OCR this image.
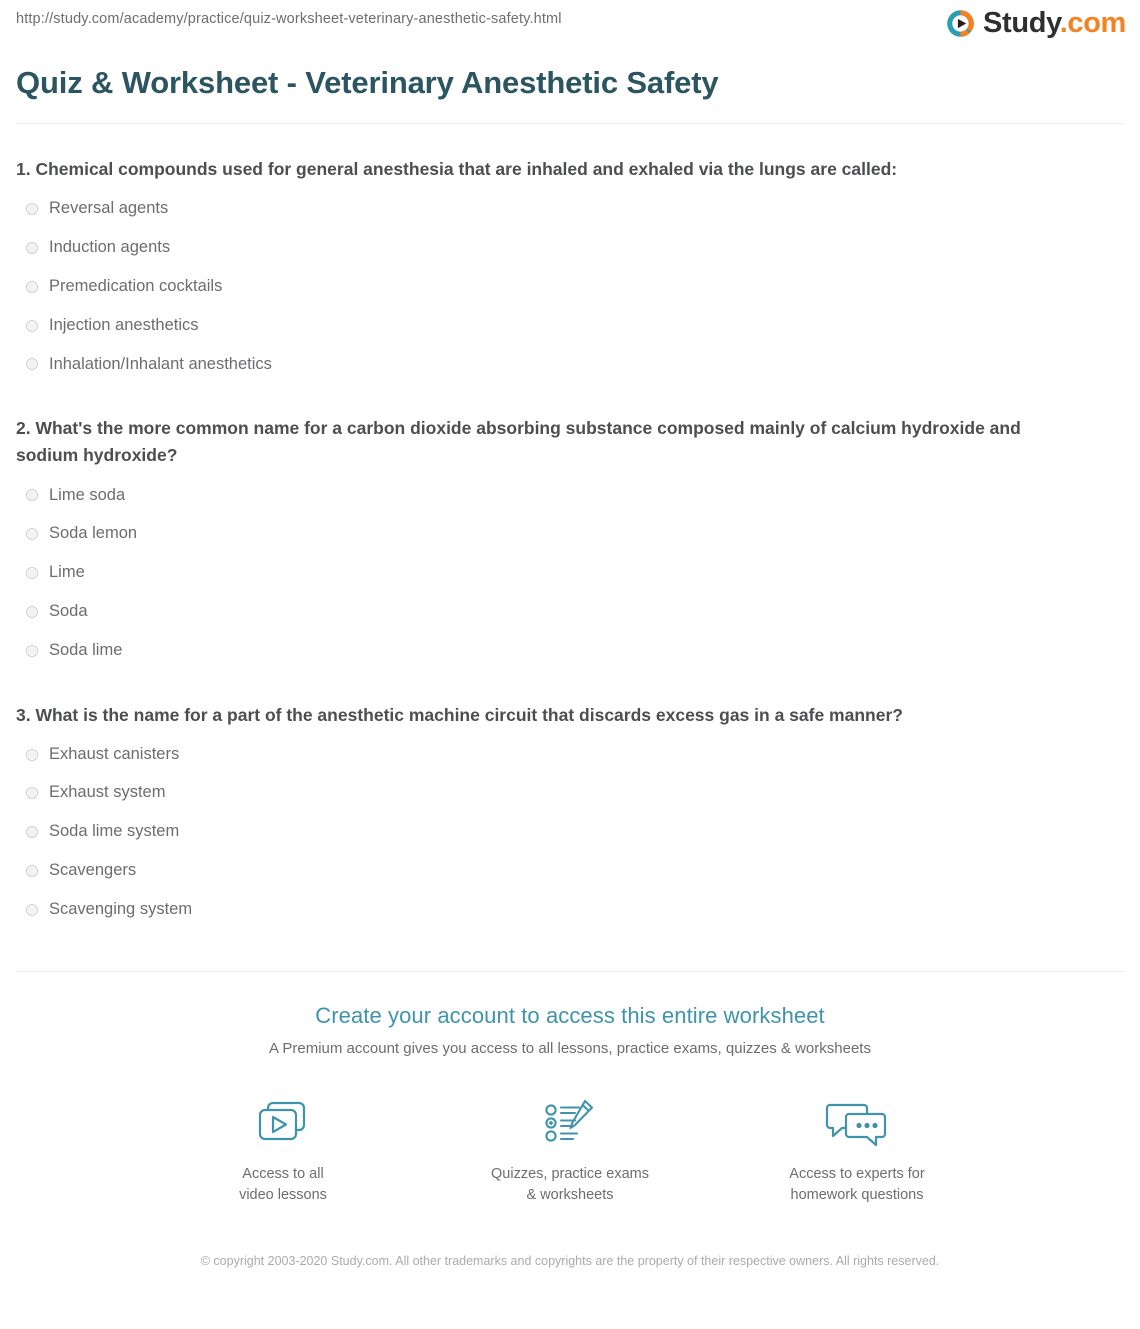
http://study.com/academy/practice/quiz-worksheet-veterinary-anesthetic-safety.html	Study.com
Quiz & Worksheet - Veterinary Anesthetic Safety

1. Chemical compounds used for general anesthesia that are inhaled and exhaled via the lungs are called:

Reversal agents
Induction agents
Premedication cocktails
Injection anesthetics
Inhalation/Inhalant anesthetics

2. What's the more common name for a carbon dioxide absorbing substance composed mainly of calcium hydroxide and sodium hydroxide?

Lime soda
Soda lemon
Lime
Soda
Soda lime

3. What is the name for a part of the anesthetic machine circuit that discards excess gas in a safe manner?

Exhaust canisters
Exhaust system
Soda lime system
Scavengers
Scavenging system
Create your account to access this entire worksheet

A Premium account gives you access to all lessons, practice exams, quizzes & worksheets

Access to all
video lessons
Quizzes, practice exams
& worksheets
Access to experts for
homework questions
© copyright 2003-2020 Study.com. All other trademarks and copyrights are the property of their respective owners. All rights reserved.
